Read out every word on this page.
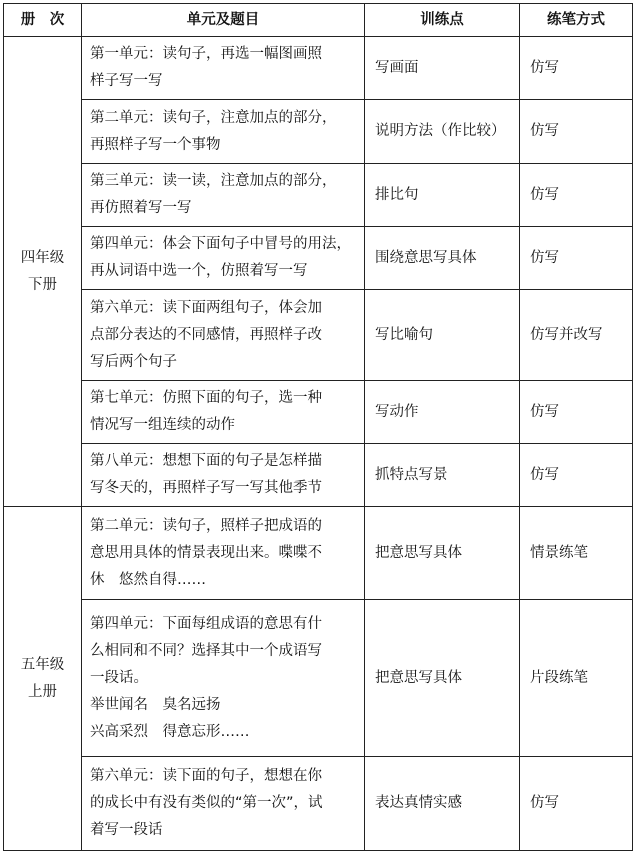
册　次	单元及题目	训练点	练笔方式

四年级
下册	第一单元：读句子，再选一幅图画照
样子写一写	写画面	仿写

	第二单元：读句子，注意加点的部分，
再照样子写一个事物	说明方法（作比较）	仿写

	第三单元：读一读，注意加点的部分，
再仿照着写一写	排比句	仿写

	第四单元：体会下面句子中冒号的用法，
再从词语中选一个，仿照着写一写	围绕意思写具体	仿写

	第六单元：读下面两组句子，体会加
点部分表达的不同感情，再照样子改
写后两个句子	写比喻句	仿写并改写

	第七单元：仿照下面的句子，选一种
情况写一组连续的动作	写动作	仿写

	第八单元：想想下面的句子是怎样描
写冬天的，再照样子写一写其他季节	抓特点写景	仿写

五年级
上册	第二单元：读句子，照样子把成语的
意思用具体的情景表现出来。喋喋不
休　悠然自得……	把意思写具体	情景练笔

	第四单元：下面每组成语的意思有什
么相同和不同？选择其中一个成语写
一段话。
举世闻名　臭名远扬
兴高采烈　得意忘形……	把意思写具体	片段练笔

	第六单元：读下面的句子，想想在你
的成长中有没有类似的“第一次”，试
着写一段话	表达真情实感	仿写
